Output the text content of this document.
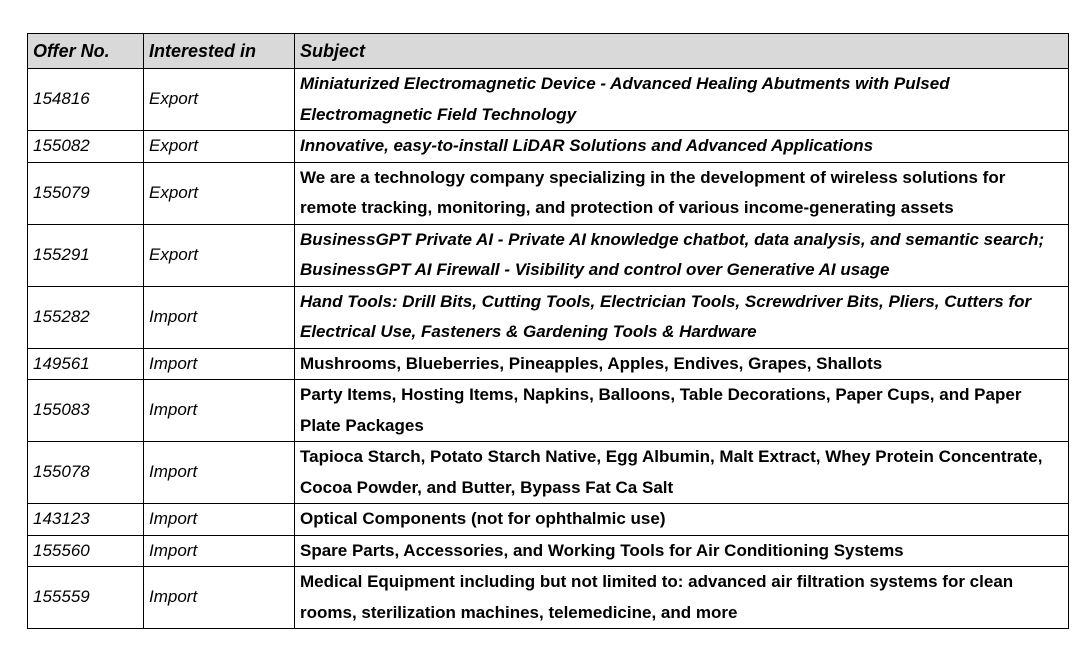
Offer No.	Interested in	Subject
154816	Export	Miniaturized Electromagnetic Device - Advanced Healing Abutments with Pulsed Electromagnetic Field Technology
155082	Export	Innovative, easy-to-install LiDAR Solutions and Advanced Applications
155079	Export	We are a technology company specializing in the development of wireless solutions for remote tracking, monitoring, and protection of various income-generating assets
155291	Export	BusinessGPT Private AI - Private AI knowledge chatbot, data analysis, and semantic search; BusinessGPT AI Firewall - Visibility and control over Generative AI usage
155282	Import	Hand Tools: Drill Bits, Cutting Tools, Electrician Tools, Screwdriver Bits, Pliers, Cutters for Electrical Use, Fasteners & Gardening Tools & Hardware
149561	Import	Mushrooms, Blueberries, Pineapples, Apples, Endives, Grapes, Shallots
155083	Import	Party Items, Hosting Items, Napkins, Balloons, Table Decorations, Paper Cups, and Paper Plate Packages
155078	Import	Tapioca Starch, Potato Starch Native, Egg Albumin, Malt Extract, Whey Protein Concentrate, Cocoa Powder, and Butter, Bypass Fat Ca Salt
143123	Import	Optical Components (not for ophthalmic use)
155560	Import	Spare Parts, Accessories, and Working Tools for Air Conditioning Systems
155559	Import	Medical Equipment including but not limited to: advanced air filtration systems for clean rooms, sterilization machines, telemedicine, and more
